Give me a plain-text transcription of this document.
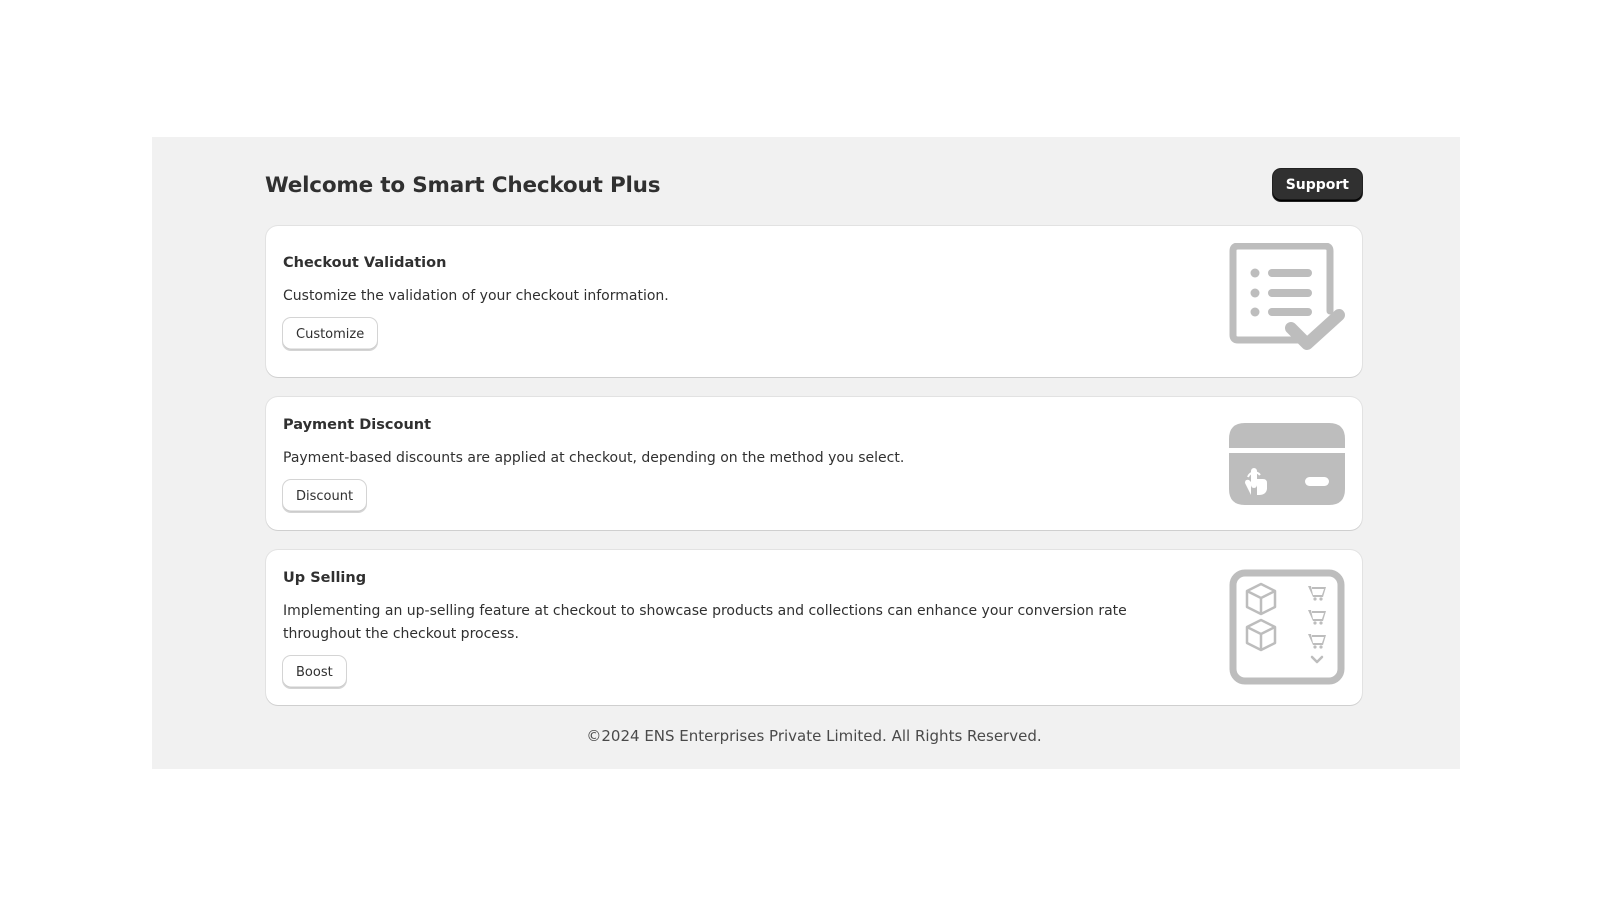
Welcome to Smart Checkout Plus	Support
Checkout Validation

Customize the validation of your checkout information.

Customize
Payment Discount

Payment-based discounts are applied at checkout, depending on the method you select.

Discount
Up Selling

Implementing an up-selling feature at checkout to showcase products and collections can enhance your conversion rate throughout the checkout process.

Boost
©2024 ENS Enterprises Private Limited. All Rights Reserved.
